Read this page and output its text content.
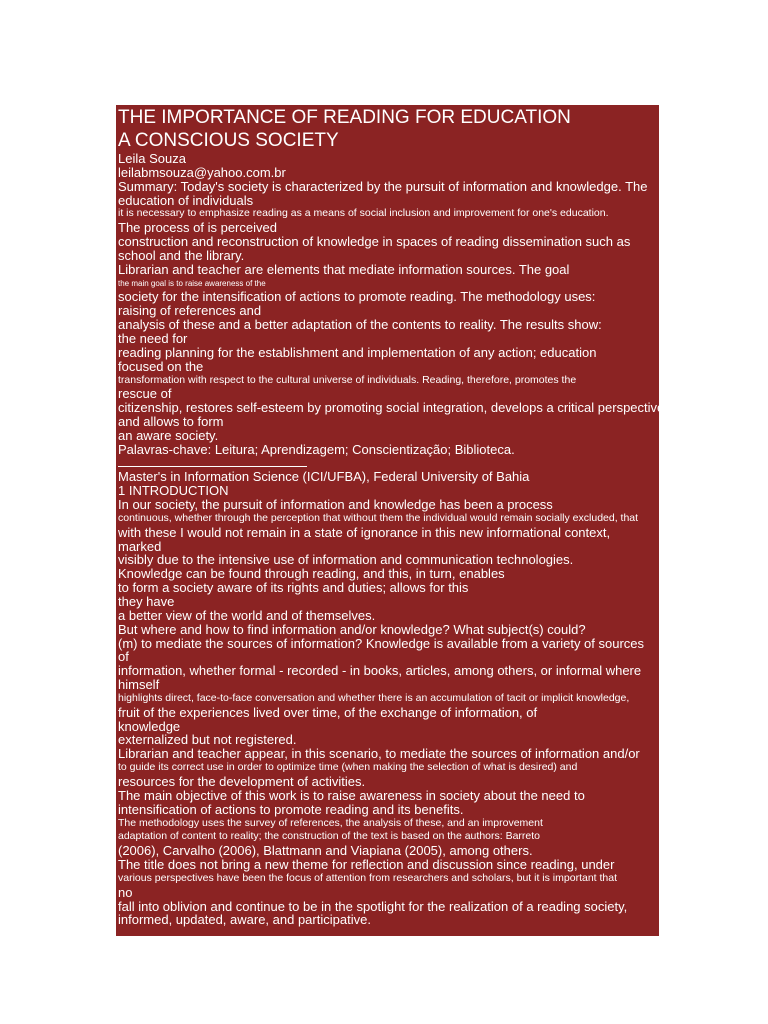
THE IMPORTANCE OF READING FOR EDUCATION
A CONSCIOUS SOCIETY
Leila Souza
leilabmsouza@yahoo.com.br
Summary: Today's society is characterized by the pursuit of information and knowledge. The
education of individuals
it is necessary to emphasize reading as a means of social inclusion and improvement for one's education.
The process of is perceived
construction and reconstruction of knowledge in spaces of reading dissemination such as
school and the library.
Librarian and teacher are elements that mediate information sources. The goal
the main goal is to raise awareness of the
society for the intensification of actions to promote reading. The methodology uses:
raising of references and
analysis of these and a better adaptation of the contents to reality. The results show:
the need for
reading planning for the establishment and implementation of any action; education
focused on the
transformation with respect to the cultural universe of individuals. Reading, therefore, promotes the
rescue of
citizenship, restores self-esteem by promoting social integration, develops a critical perspective
and allows to form
an aware society.
Palavras-chave: Leitura; Aprendizagem; Conscientização; Biblioteca.
Master's in Information Science (ICI/UFBA), Federal University of Bahia
1 INTRODUCTION
In our society, the pursuit of information and knowledge has been a process
continuous, whether through the perception that without them the individual would remain socially excluded, that
with these I would not remain in a state of ignorance in this new informational context,
marked
visibly due to the intensive use of information and communication technologies.
Knowledge can be found through reading, and this, in turn, enables
to form a society aware of its rights and duties; allows for this
they have
a better view of the world and of themselves.
But where and how to find information and/or knowledge? What subject(s) could?
(m) to mediate the sources of information? Knowledge is available from a variety of sources
of
information, whether formal - recorded - in books, articles, among others, or informal where
himself
highlights direct, face-to-face conversation and whether there is an accumulation of tacit or implicit knowledge,
fruit of the experiences lived over time, of the exchange of information, of
knowledge
externalized but not registered.
Librarian and teacher appear, in this scenario, to mediate the sources of information and/or
to guide its correct use in order to optimize time (when making the selection of what is desired) and
resources for the development of activities.
The main objective of this work is to raise awareness in society about the need to
intensification of actions to promote reading and its benefits.
The methodology uses the survey of references, the analysis of these, and an improvement
adaptation of content to reality; the construction of the text is based on the authors: Barreto
(2006), Carvalho (2006), Blattmann and Viapiana (2005), among others.
The title does not bring a new theme for reflection and discussion since reading, under
various perspectives have been the focus of attention from researchers and scholars, but it is important that
no
fall into oblivion and continue to be in the spotlight for the realization of a reading society,
informed, updated, aware, and participative.
